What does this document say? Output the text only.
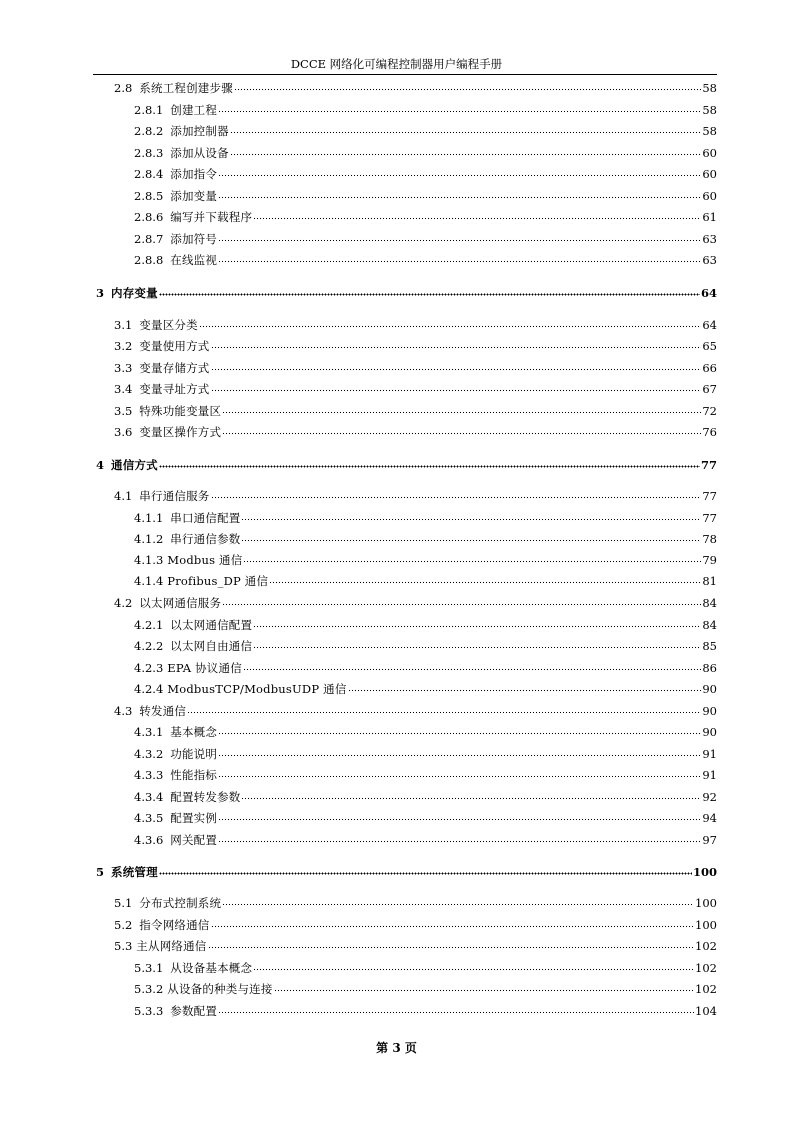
DCCE 网络化可编程控制器用户编程手册
2.8 系统工程创建步骤	58
2.8.1 创建工程	58
2.8.2 添加控制器	58
2.8.3 添加从设备	60
2.8.4 添加指令	60
2.8.5 添加变量	60
2.8.6 编写并下载程序	61
2.8.7 添加符号	63
2.8.8 在线监视	63
3 内存变量	64
3.1 变量区分类	64
3.2 变量使用方式	65
3.3 变量存储方式	66
3.4 变量寻址方式	67
3.5 特殊功能变量区	72
3.6 变量区操作方式	76
4 通信方式	77
4.1 串行通信服务	77
4.1.1 串口通信配置	77
4.1.2 串行通信参数	78
4.1.3 Modbus 通信	79
4.1.4 Profibus_DP 通信	81
4.2 以太网通信服务	84
4.2.1 以太网通信配置	84
4.2.2 以太网自由通信	85
4.2.3 EPA 协议通信	86
4.2.4 ModbusTCP/ModbusUDP 通信	90
4.3 转发通信	90
4.3.1 基本概念	90
4.3.2 功能说明	91
4.3.3 性能指标	91
4.3.4 配置转发参数	92
4.3.5 配置实例	94
4.3.6 网关配置	97
5 系统管理	100
5.1 分布式控制系统	100
5.2 指令网络通信	100
5.3 主从网络通信	102
5.3.1 从设备基本概念	102
5.3.2 从设备的种类与连接	102
5.3.3 参数配置	104
第 3 页
